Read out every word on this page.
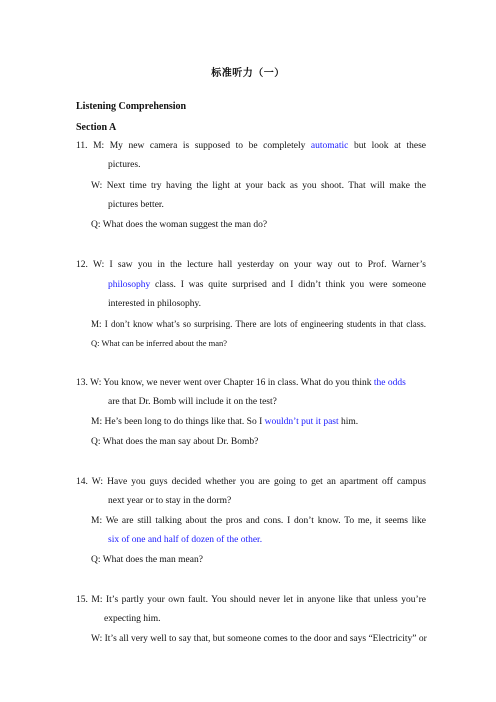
标准听力（一）
Listening Comprehension
Section A
11. M: My new camera is supposed to be completely automatic but look at these
pictures.
W: Next time try having the light at your back as you shoot. That will make the
pictures better.
Q: What does the woman suggest the man do?
12. W: I saw you in the lecture hall yesterday on your way out to Prof. Warner’s
philosophy class. I was quite surprised and I didn’t think you were someone
interested in philosophy.
M: I don’t know what’s so surprising. There are lots of engineering students in that class.
Q: What can be inferred about the man?
13. W: You know, we never went over Chapter 16 in class. What do you think the odds
are that Dr. Bomb will include it on the test?
M: He’s been long to do things like that. So I wouldn’t put it past him.
Q: What does the man say about Dr. Bomb?
14. W: Have you guys decided whether you are going to get an apartment off campus
next year or to stay in the dorm?
M: We are still talking about the pros and cons. I don’t know. To me, it seems like
six of one and half of dozen of the other.
Q: What does the man mean?
15. M: It’s partly your own fault. You should never let in anyone like that unless you’re
expecting him.
W: It’s all very well to say that, but someone comes to the door and says “Electricity” or
